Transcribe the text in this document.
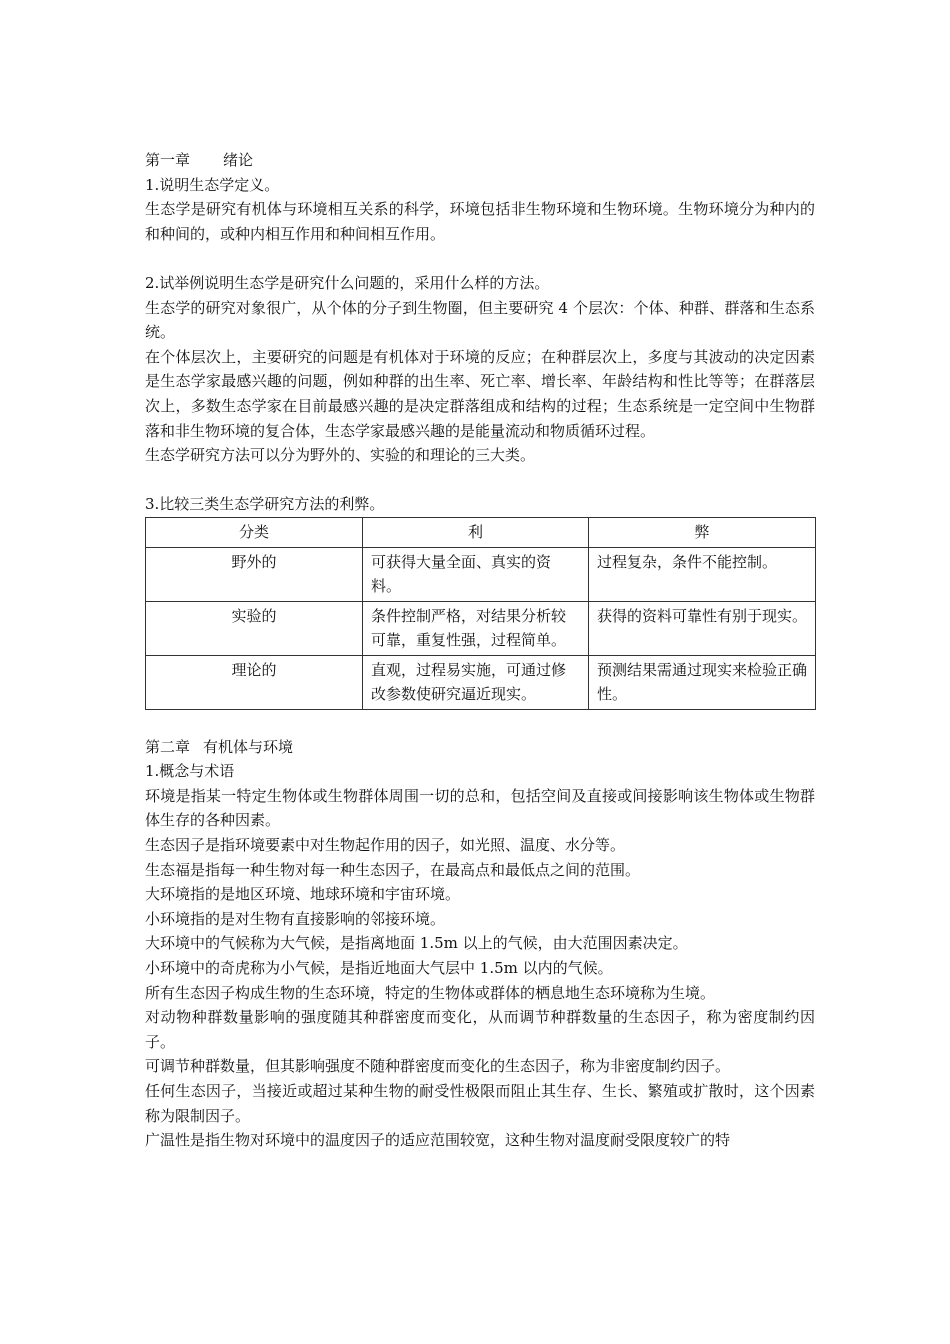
第一章 绪论

1.说明生态学定义。

生态学是研究有机体与环境相互关系的科学，环境包括非生物环境和生物环境。生物环境分为种内的和种间的，或种内相互作用和种间相互作用。

2.试举例说明生态学是研究什么问题的，采用什么样的方法。

生态学的研究对象很广，从个体的分子到生物圈，但主要研究 4 个层次：个体、种群、群落和生态系统。

在个体层次上，主要研究的问题是有机体对于环境的反应；在种群层次上，多度与其波动的决定因素是生态学家最感兴趣的问题，例如种群的出生率、死亡率、增长率、年龄结构和性比等等；在群落层次上，多数生态学家在目前最感兴趣的是决定群落组成和结构的过程；生态系统是一定空间中生物群落和非生物环境的复合体，生态学家最感兴趣的是能量流动和物质循环过程。

生态学研究方法可以分为野外的、实验的和理论的三大类。

3.比较三类生态学研究方法的利弊。

分类	利	弊
野外的	可获得大量全面、真实的资料。	过程复杂，条件不能控制。
实验的	条件控制严格，对结果分析较可靠，重复性强，过程简单。	获得的资料可靠性有别于现实。
理论的	直观，过程易实施，可通过修改参数使研究逼近现实。	预测结果需通过现实来检验正确性。

第二章 有机体与环境

1.概念与术语

环境是指某一特定生物体或生物群体周围一切的总和，包括空间及直接或间接影响该生物体或生物群体生存的各种因素。

生态因子是指环境要素中对生物起作用的因子，如光照、温度、水分等。

生态福是指每一种生物对每一种生态因子，在最高点和最低点之间的范围。

大环境指的是地区环境、地球环境和宇宙环境。

小环境指的是对生物有直接影响的邻接环境。

大环境中的气候称为大气候，是指离地面 1.5m 以上的气候，由大范围因素决定。

小环境中的奇虎称为小气候，是指近地面大气层中 1.5m 以内的气候。

所有生态因子构成生物的生态环境，特定的生物体或群体的栖息地生态环境称为生境。

对动物种群数量影响的强度随其种群密度而变化，从而调节种群数量的生态因子，称为密度制约因子。

可调节种群数量，但其影响强度不随种群密度而变化的生态因子，称为非密度制约因子。

任何生态因子，当接近或超过某种生物的耐受性极限而阻止其生存、生长、繁殖或扩散时，这个因素称为限制因子。

广温性是指生物对环境中的温度因子的适应范围较宽，这种生物对温度耐受限度较广的特
